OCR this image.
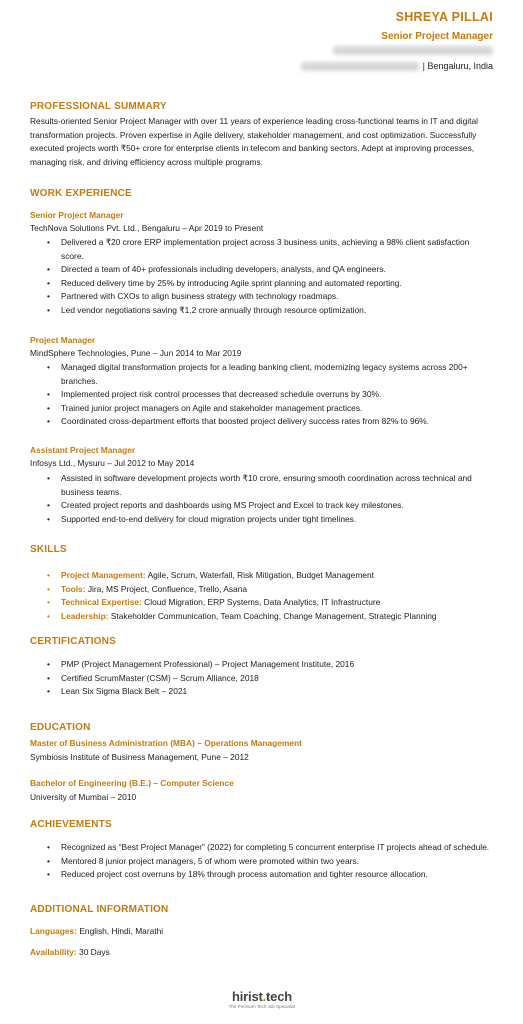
SHREYA PILLAI
Senior Project Manager
| Bengaluru, India
PROFESSIONAL SUMMARY
Results-oriented Senior Project Manager with over 11 years of experience leading cross-functional teams in IT and digital transformation projects. Proven expertise in Agile delivery, stakeholder management, and cost optimization. Successfully executed projects worth ₹50+ crore for enterprise clients in telecom and banking sectors. Adept at improving processes, managing risk, and driving efficiency across multiple programs.
WORK EXPERIENCE
Senior Project Manager
TechNova Solutions Pvt. Ltd., Bengaluru – Apr 2019 to Present
• Delivered a ₹20 crore ERP implementation project across 3 business units, achieving a 98% client satisfaction score.
• Directed a team of 40+ professionals including developers, analysts, and QA engineers.
• Reduced delivery time by 25% by introducing Agile sprint planning and automated reporting.
• Partnered with CXOs to align business strategy with technology roadmaps.
• Led vendor negotiations saving ₹1.2 crore annually through resource optimization.
Project Manager
MindSphere Technologies, Pune – Jun 2014 to Mar 2019
• Managed digital transformation projects for a leading banking client, modernizing legacy systems across 200+ branches.
• Implemented project risk control processes that decreased schedule overruns by 30%.
• Trained junior project managers on Agile and stakeholder management practices.
• Coordinated cross-department efforts that boosted project delivery success rates from 82% to 96%.
Assistant Project Manager
Infosys Ltd., Mysuru – Jul 2012 to May 2014
• Assisted in software development projects worth ₹10 crore, ensuring smooth coordination across technical and business teams.
• Created project reports and dashboards using MS Project and Excel to track key milestones.
• Supported end-to-end delivery for cloud migration projects under tight timelines.
SKILLS
• Project Management: Agile, Scrum, Waterfall, Risk Mitigation, Budget Management
• Tools: Jira, MS Project, Confluence, Trello, Asana
• Technical Expertise: Cloud Migration, ERP Systems, Data Analytics, IT Infrastructure
• Leadership: Stakeholder Communication, Team Coaching, Change Management, Strategic Planning
CERTIFICATIONS
• PMP (Project Management Professional) – Project Management Institute, 2016
• Certified ScrumMaster (CSM) – Scrum Alliance, 2018
• Lean Six Sigma Black Belt – 2021
EDUCATION
Master of Business Administration (MBA) – Operations Management
Symbiosis Institute of Business Management, Pune – 2012
Bachelor of Engineering (B.E.) – Computer Science
University of Mumbai – 2010
ACHIEVEMENTS
• Recognized as “Best Project Manager” (2022) for completing 5 concurrent enterprise IT projects ahead of schedule.
• Mentored 8 junior project managers, 5 of whom were promoted within two years.
• Reduced project cost overruns by 18% through process automation and tighter resource allocation.
ADDITIONAL INFORMATION
Languages: English, Hindi, Marathi
Availability: 30 Days
hirist.tech
The Premium Tech Job Specialist
